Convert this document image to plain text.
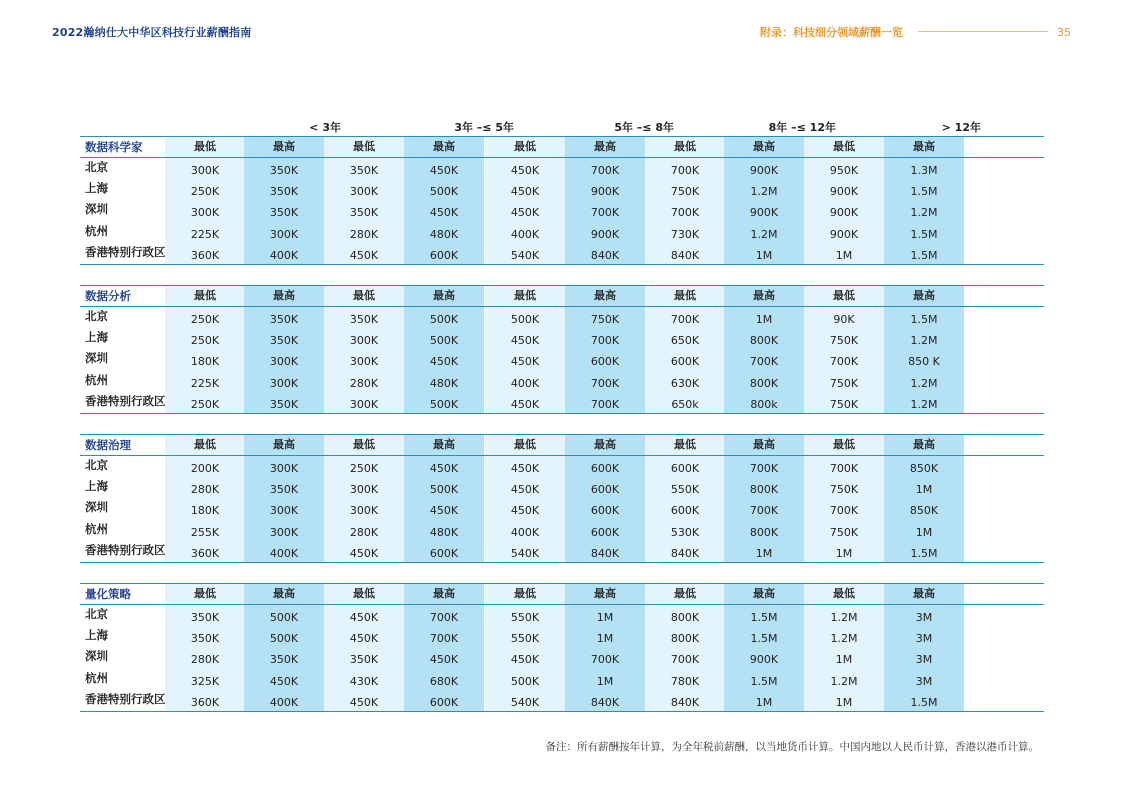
2022瀚纳仕大中华区科技行业薪酬指南	附录：科技细分领域薪酬一览	35
< 3年	3年 –≤ 5年	5年 –≤ 8年	8年 –≤ 12年	> 12年
数据科学家	最低	最高	最低	最高	最低	最高	最低	最高	最低	最高
北京	300K	350K	350K	450K	450K	700K	700K	900K	950K	1.3M
上海	250K	350K	300K	500K	450K	900K	750K	1.2M	900K	1.5M
深圳	300K	350K	350K	450K	450K	700K	700K	900K	900K	1.2M
杭州	225K	300K	280K	480K	400K	900K	730K	1.2M	900K	1.5M
香港特别行政区	360K	400K	450K	600K	540K	840K	840K	1M	1M	1.5M
数据分析	最低	最高	最低	最高	最低	最高	最低	最高	最低	最高
北京	250K	350K	350K	500K	500K	750K	700K	1M	90K	1.5M
上海	250K	350K	300K	500K	450K	700K	650K	800K	750K	1.2M
深圳	180K	300K	300K	450K	450K	600K	600K	700K	700K	850 K
杭州	225K	300K	280K	480K	400K	700K	630K	800K	750K	1.2M
香港特别行政区	250K	350K	300K	500K	450K	700K	650k	800k	750K	1.2M
数据治理	最低	最高	最低	最高	最低	最高	最低	最高	最低	最高
北京	200K	300K	250K	450K	450K	600K	600K	700K	700K	850K
上海	280K	350K	300K	500K	450K	600K	550K	800K	750K	1M
深圳	180K	300K	300K	450K	450K	600K	600K	700K	700K	850K
杭州	255K	300K	280K	480K	400K	600K	530K	800K	750K	1M
香港特别行政区	360K	400K	450K	600K	540K	840K	840K	1M	1M	1.5M
量化策略	最低	最高	最低	最高	最低	最高	最低	最高	最低	最高
北京	350K	500K	450K	700K	550K	1M	800K	1.5M	1.2M	3M
上海	350K	500K	450K	700K	550K	1M	800K	1.5M	1.2M	3M
深圳	280K	350K	350K	450K	450K	700K	700K	900K	1M	3M
杭州	325K	450K	430K	680K	500K	1M	780K	1.5M	1.2M	3M
香港特别行政区	360K	400K	450K	600K	540K	840K	840K	1M	1M	1.5M
备注：所有薪酬按年计算，为全年税前薪酬，以当地货币计算。中国内地以人民币计算，香港以港币计算。
